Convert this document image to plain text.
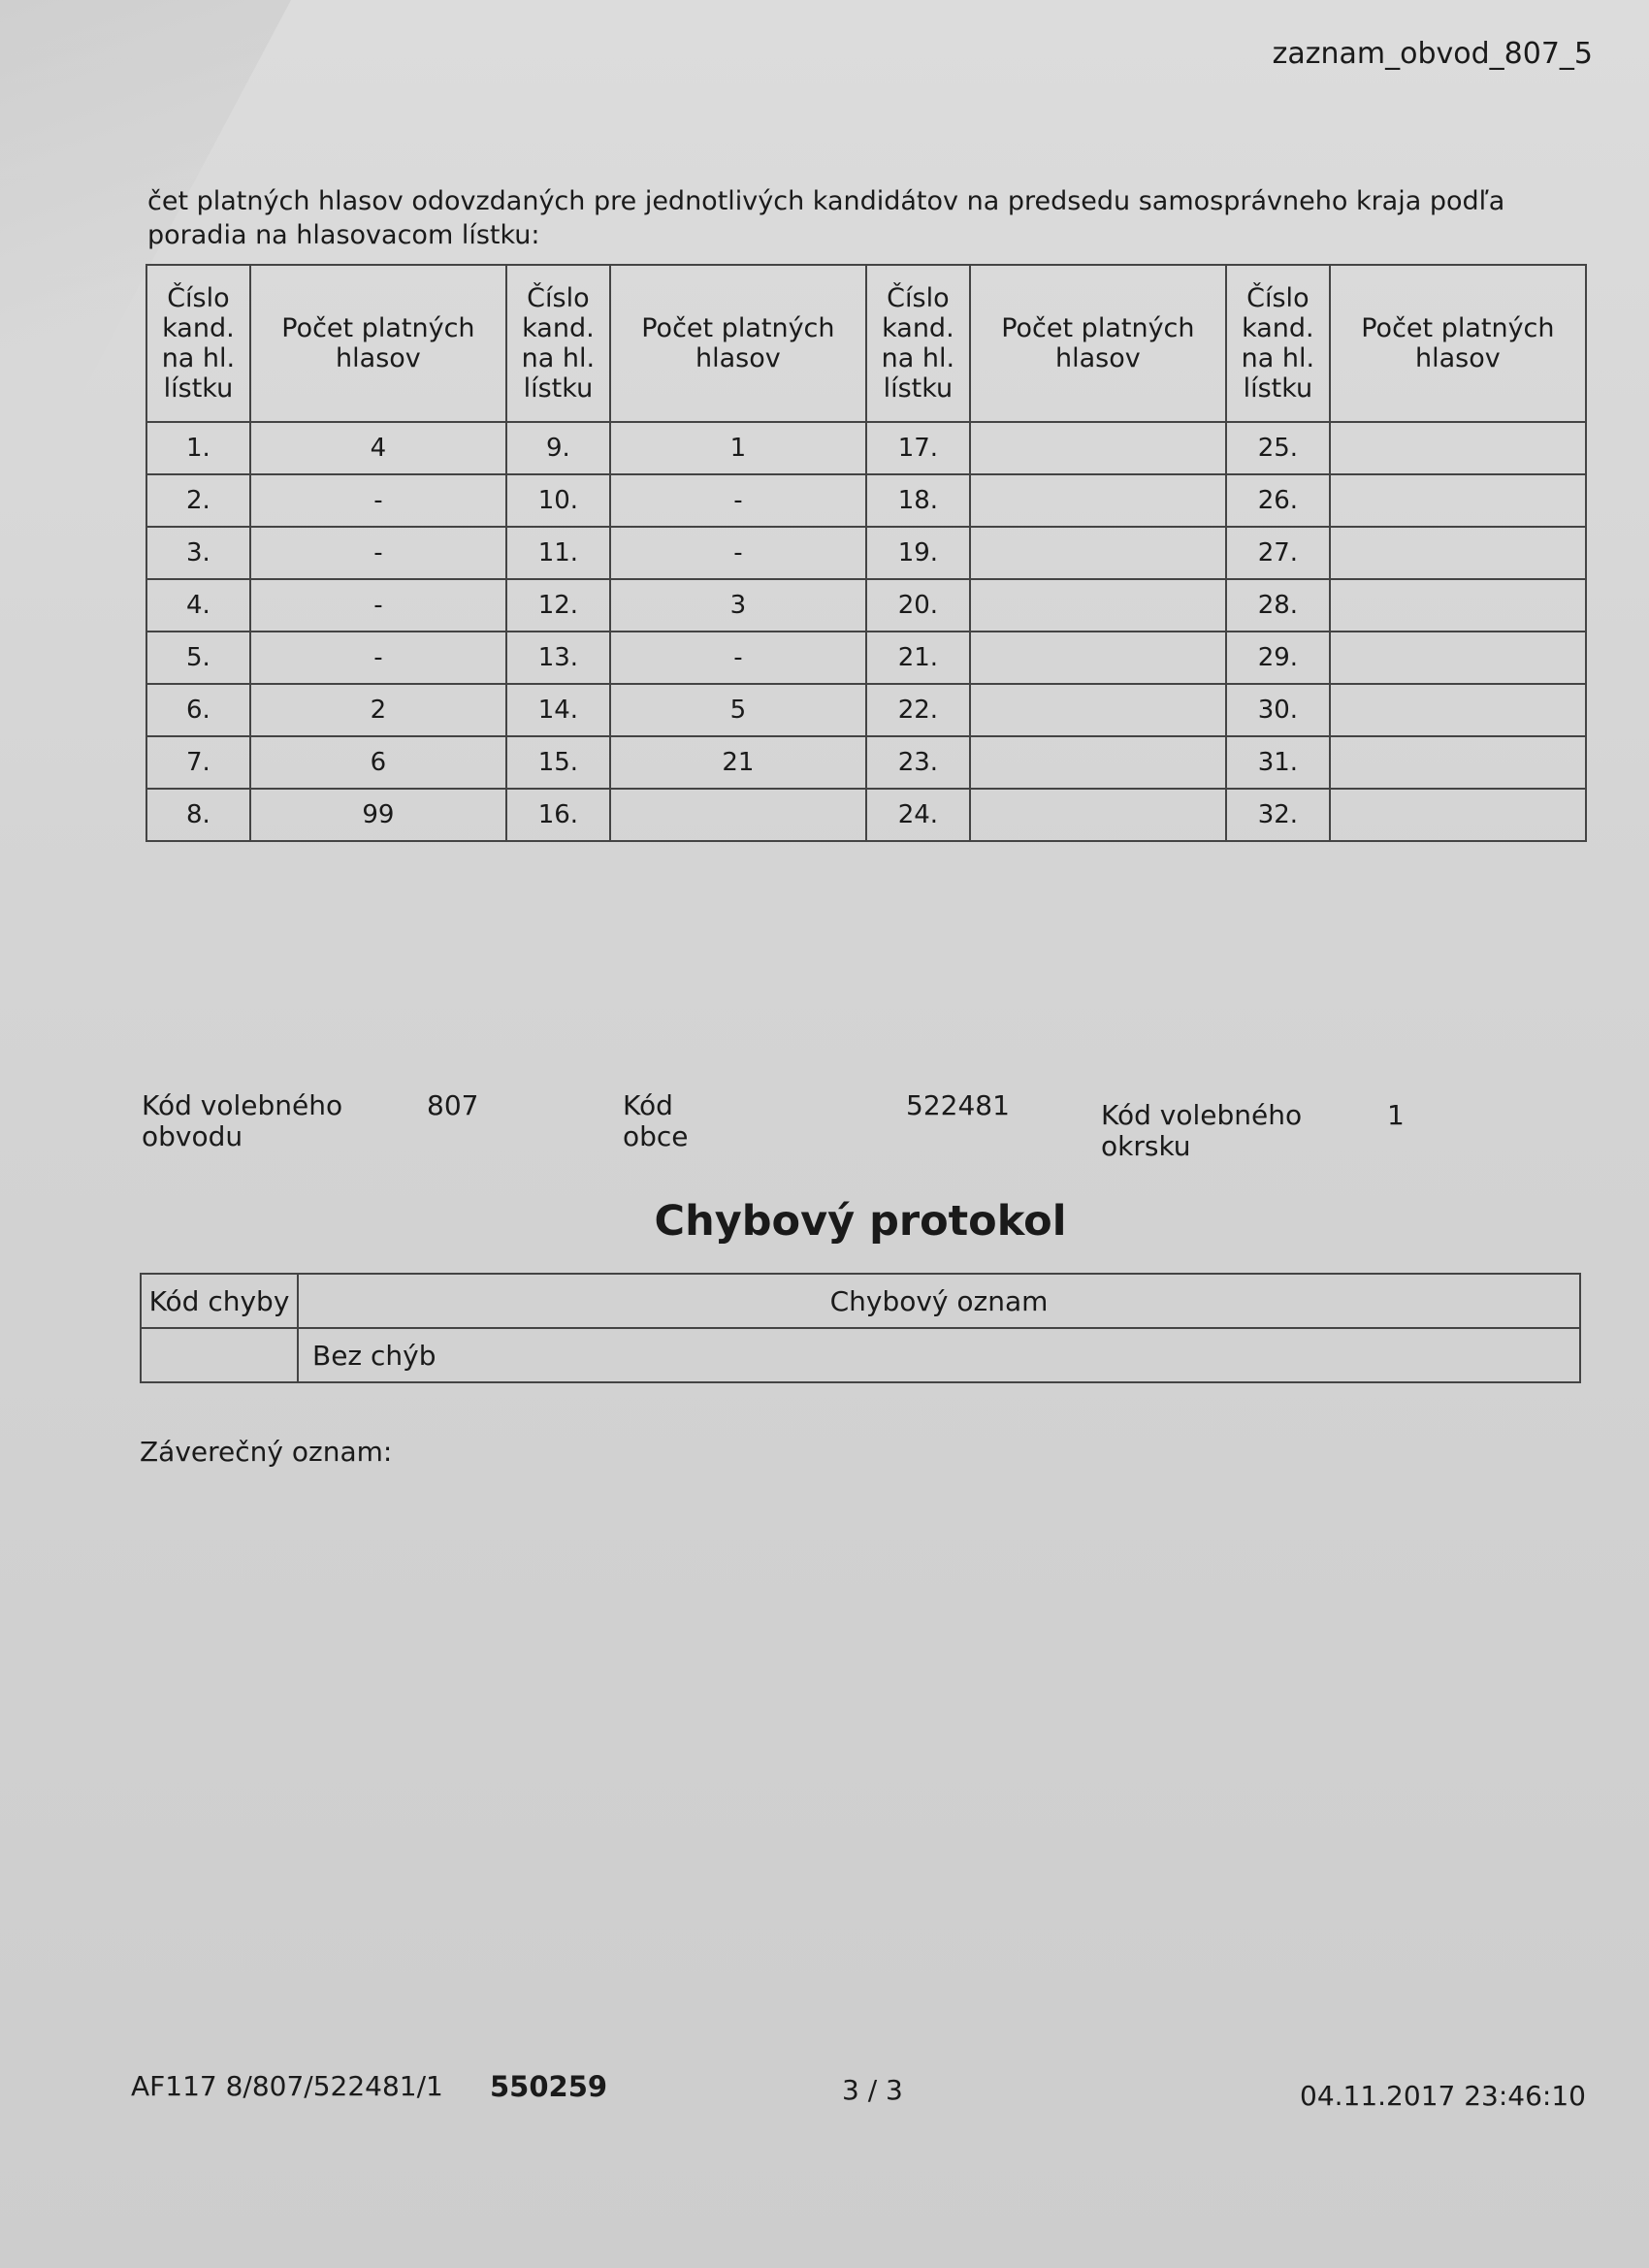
zaznam_obvod_807_5
čet platných hlasov odovzdaných pre jednotlivých kandidátov na predsedu samosprávneho kraja podľa poradia na hlasovacom lístku:
Číslo kand. na hl. lístku	Počet platných hlasov	Číslo kand. na hl. lístku	Počet platných hlasov	Číslo kand. na hl. lístku	Počet platných hlasov	Číslo kand. na hl. lístku	Počet platných hlasov
1.	4	9.	1	17.		25.	
2.	-	10.	-	18.		26.	
3.	-	11.	-	19.		27.	
4.	-	12.	3	20.		28.	
5.	-	13.	-	21.		29.	
6.	2	14.	5	22.		30.	
7.	6	15.	21	23.		31.	
8.	99	16.		24.		32.	
Kód volebného obvodu
807	Kód obce
522481	Kód volebného okrsku
1
Chybový protokol
Kód chyby	Chybový oznam
	Bez chýb
Záverečný oznam:
AF117 8/807/522481/1 550259	3 / 3	04.11.2017 23:46:10
